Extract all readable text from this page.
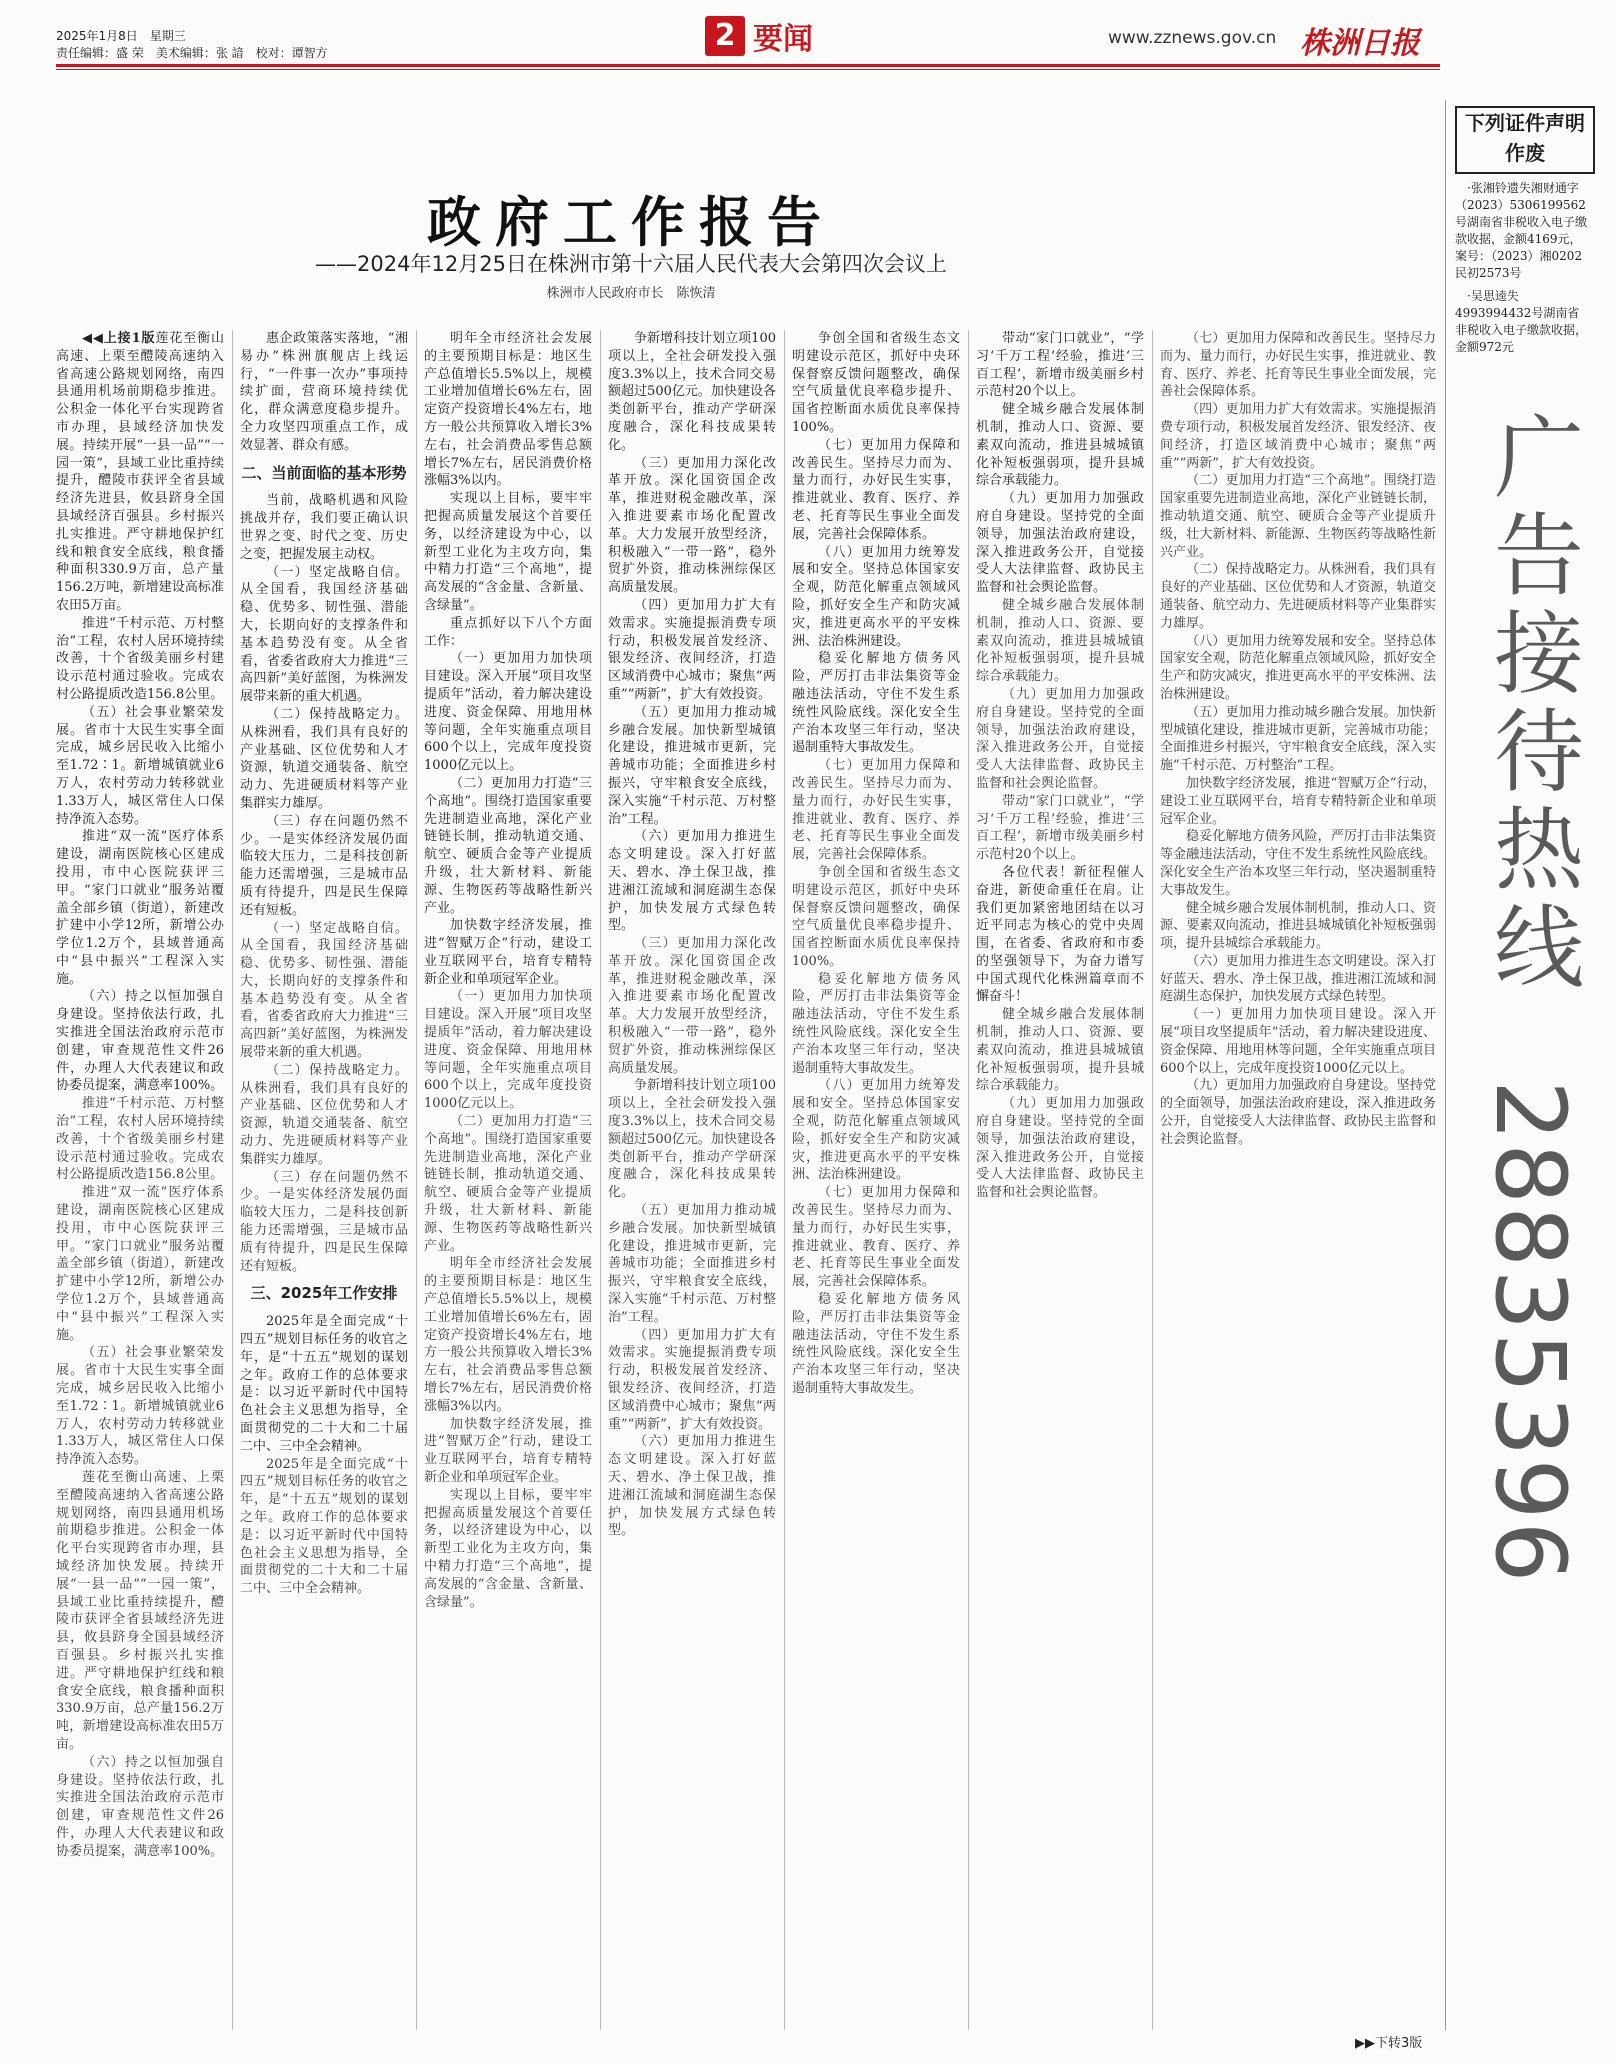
2025年1月8日　星期三
责任编辑：盛 荣　美术编辑：张 諳　校对：谭智方	2 要闻	www.zznews.gov.cn 株洲日报
政府工作报告
——2024年12月25日在株洲市第十六届人民代表大会第四次会议上
株洲市人民政府市长　陈恢清

◀◀上接1版莲花至衡山高速、上栗至醴陵高速纳入省高速公路规划网络，南四县通用机场前期稳步推进。公积金一体化平台实现跨省市办理，县域经济加快发展。持续开展“一县一品”“一园一策”，县域工业比重持续提升，醴陵市获评全省县域经济先进县，攸县跻身全国县域经济百强县。乡村振兴扎实推进。严守耕地保护红线和粮食安全底线，粮食播种面积330.9万亩，总产量156.2万吨，新增建设高标准农田5万亩。

推进“千村示范、万村整治”工程，农村人居环境持续改善，十个省级美丽乡村建设示范村通过验收。完成农村公路提质改造156.8公里。

（五）社会事业繁荣发展。省市十大民生实事全面完成，城乡居民收入比缩小至1.72∶1。新增城镇就业6万人，农村劳动力转移就业1.33万人，城区常住人口保持净流入态势。

推进“双一流”医疗体系建设，湖南医院核心区建成投用，市中心医院获评三甲。“家门口就业”服务站覆盖全部乡镇（街道），新建改扩建中小学12所，新增公办学位1.2万个，县域普通高中“县中振兴”工程深入实施。

（六）持之以恒加强自身建设。坚持依法行政，扎实推进全国法治政府示范市创建，审查规范性文件26件，办理人大代表建议和政协委员提案，满意率100%。

推进“千村示范、万村整治”工程，农村人居环境持续改善，十个省级美丽乡村建设示范村通过验收。完成农村公路提质改造156.8公里。

推进“双一流”医疗体系建设，湖南医院核心区建成投用，市中心医院获评三甲。“家门口就业”服务站覆盖全部乡镇（街道），新建改扩建中小学12所，新增公办学位1.2万个，县域普通高中“县中振兴”工程深入实施。

（五）社会事业繁荣发展。省市十大民生实事全面完成，城乡居民收入比缩小至1.72∶1。新增城镇就业6万人，农村劳动力转移就业1.33万人，城区常住人口保持净流入态势。

莲花至衡山高速、上栗至醴陵高速纳入省高速公路规划网络，南四县通用机场前期稳步推进。公积金一体化平台实现跨省市办理，县域经济加快发展。持续开展“一县一品”“一园一策”，县域工业比重持续提升，醴陵市获评全省县域经济先进县，攸县跻身全国县域经济百强县。乡村振兴扎实推进。严守耕地保护红线和粮食安全底线，粮食播种面积330.9万亩，总产量156.2万吨，新增建设高标准农田5万亩。

（六）持之以恒加强自身建设。坚持依法行政，扎实推进全国法治政府示范市创建，审查规范性文件26件，办理人大代表建议和政协委员提案，满意率100%。

惠企政策落实落地，“湘易办”株洲旗舰店上线运行，“一件事一次办”事项持续扩面，营商环境持续优化，群众满意度稳步提升。全力攻坚四项重点工作，成效显著、群众有感。

二、当前面临的基本形势

当前，战略机遇和风险挑战并存，我们要正确认识世界之变、时代之变、历史之变，把握发展主动权。

（一）坚定战略自信。从全国看，我国经济基础稳、优势多、韧性强、潜能大，长期向好的支撑条件和基本趋势没有变。从全省看，省委省政府大力推进“三高四新”美好蓝图，为株洲发展带来新的重大机遇。

（二）保持战略定力。从株洲看，我们具有良好的产业基础、区位优势和人才资源，轨道交通装备、航空动力、先进硬质材料等产业集群实力雄厚。

（三）存在问题仍然不少。一是实体经济发展仍面临较大压力，二是科技创新能力还需增强，三是城市品质有待提升，四是民生保障还有短板。

（一）坚定战略自信。从全国看，我国经济基础稳、优势多、韧性强、潜能大，长期向好的支撑条件和基本趋势没有变。从全省看，省委省政府大力推进“三高四新”美好蓝图，为株洲发展带来新的重大机遇。

（二）保持战略定力。从株洲看，我们具有良好的产业基础、区位优势和人才资源，轨道交通装备、航空动力、先进硬质材料等产业集群实力雄厚。

（三）存在问题仍然不少。一是实体经济发展仍面临较大压力，二是科技创新能力还需增强，三是城市品质有待提升，四是民生保障还有短板。

三、2025年工作安排

2025年是全面完成“十四五”规划目标任务的收官之年，是“十五五”规划的谋划之年。政府工作的总体要求是：以习近平新时代中国特色社会主义思想为指导，全面贯彻党的二十大和二十届二中、三中全会精神。

2025年是全面完成“十四五”规划目标任务的收官之年，是“十五五”规划的谋划之年。政府工作的总体要求是：以习近平新时代中国特色社会主义思想为指导，全面贯彻党的二十大和二十届二中、三中全会精神。

明年全市经济社会发展的主要预期目标是：地区生产总值增长5.5%以上，规模工业增加值增长6%左右，固定资产投资增长4%左右，地方一般公共预算收入增长3%左右，社会消费品零售总额增长7%左右，居民消费价格涨幅3%以内。

实现以上目标，要牢牢把握高质量发展这个首要任务，以经济建设为中心，以新型工业化为主攻方向，集中精力打造“三个高地”，提高发展的“含金量、含新量、含绿量”。

重点抓好以下八个方面工作：

（一）更加用力加快项目建设。深入开展“项目攻坚提质年”活动，着力解决建设进度、资金保障、用地用林等问题，全年实施重点项目600个以上，完成年度投资1000亿元以上。

（二）更加用力打造“三个高地”。围绕打造国家重要先进制造业高地，深化产业链链长制，推动轨道交通、航空、硬质合金等产业提质升级，壮大新材料、新能源、生物医药等战略性新兴产业。

加快数字经济发展，推进“智赋万企”行动，建设工业互联网平台，培育专精特新企业和单项冠军企业。

（一）更加用力加快项目建设。深入开展“项目攻坚提质年”活动，着力解决建设进度、资金保障、用地用林等问题，全年实施重点项目600个以上，完成年度投资1000亿元以上。

（二）更加用力打造“三个高地”。围绕打造国家重要先进制造业高地，深化产业链链长制，推动轨道交通、航空、硬质合金等产业提质升级，壮大新材料、新能源、生物医药等战略性新兴产业。

明年全市经济社会发展的主要预期目标是：地区生产总值增长5.5%以上，规模工业增加值增长6%左右，固定资产投资增长4%左右，地方一般公共预算收入增长3%左右，社会消费品零售总额增长7%左右，居民消费价格涨幅3%以内。

加快数字经济发展，推进“智赋万企”行动，建设工业互联网平台，培育专精特新企业和单项冠军企业。

实现以上目标，要牢牢把握高质量发展这个首要任务，以经济建设为中心，以新型工业化为主攻方向，集中精力打造“三个高地”，提高发展的“含金量、含新量、含绿量”。

争新增科技计划立项100项以上，全社会研发投入强度3.3%以上，技术合同交易额超过500亿元。加快建设各类创新平台，推动产学研深度融合，深化科技成果转化。

（三）更加用力深化改革开放。深化国资国企改革，推进财税金融改革，深入推进要素市场化配置改革。大力发展开放型经济，积极融入“一带一路”，稳外贸扩外资，推动株洲综保区高质量发展。

（四）更加用力扩大有效需求。实施提振消费专项行动，积极发展首发经济、银发经济、夜间经济，打造区域消费中心城市；聚焦“两重”“两新”，扩大有效投资。

（五）更加用力推动城乡融合发展。加快新型城镇化建设，推进城市更新，完善城市功能；全面推进乡村振兴，守牢粮食安全底线，深入实施“千村示范、万村整治”工程。

（六）更加用力推进生态文明建设。深入打好蓝天、碧水、净土保卫战，推进湘江流域和洞庭湖生态保护，加快发展方式绿色转型。

（三）更加用力深化改革开放。深化国资国企改革，推进财税金融改革，深入推进要素市场化配置改革。大力发展开放型经济，积极融入“一带一路”，稳外贸扩外资，推动株洲综保区高质量发展。

争新增科技计划立项100项以上，全社会研发投入强度3.3%以上，技术合同交易额超过500亿元。加快建设各类创新平台，推动产学研深度融合，深化科技成果转化。

（五）更加用力推动城乡融合发展。加快新型城镇化建设，推进城市更新，完善城市功能；全面推进乡村振兴，守牢粮食安全底线，深入实施“千村示范、万村整治”工程。

（四）更加用力扩大有效需求。实施提振消费专项行动，积极发展首发经济、银发经济、夜间经济，打造区域消费中心城市；聚焦“两重”“两新”，扩大有效投资。

（六）更加用力推进生态文明建设。深入打好蓝天、碧水、净土保卫战，推进湘江流域和洞庭湖生态保护，加快发展方式绿色转型。

争创全国和省级生态文明建设示范区，抓好中央环保督察反馈问题整改，确保空气质量优良率稳步提升、国省控断面水质优良率保持100%。

（七）更加用力保障和改善民生。坚持尽力而为、量力而行，办好民生实事，推进就业、教育、医疗、养老、托育等民生事业全面发展，完善社会保障体系。

（八）更加用力统筹发展和安全。坚持总体国家安全观，防范化解重点领域风险，抓好安全生产和防灾减灾，推进更高水平的平安株洲、法治株洲建设。

稳妥化解地方债务风险，严厉打击非法集资等金融违法活动，守住不发生系统性风险底线。深化安全生产治本攻坚三年行动，坚决遏制重特大事故发生。

（七）更加用力保障和改善民生。坚持尽力而为、量力而行，办好民生实事，推进就业、教育、医疗、养老、托育等民生事业全面发展，完善社会保障体系。

争创全国和省级生态文明建设示范区，抓好中央环保督察反馈问题整改，确保空气质量优良率稳步提升、国省控断面水质优良率保持100%。

稳妥化解地方债务风险，严厉打击非法集资等金融违法活动，守住不发生系统性风险底线。深化安全生产治本攻坚三年行动，坚决遏制重特大事故发生。

（八）更加用力统筹发展和安全。坚持总体国家安全观，防范化解重点领域风险，抓好安全生产和防灾减灾，推进更高水平的平安株洲、法治株洲建设。

（七）更加用力保障和改善民生。坚持尽力而为、量力而行，办好民生实事，推进就业、教育、医疗、养老、托育等民生事业全面发展，完善社会保障体系。

稳妥化解地方债务风险，严厉打击非法集资等金融违法活动，守住不发生系统性风险底线。深化安全生产治本攻坚三年行动，坚决遏制重特大事故发生。

带动“家门口就业”，“学习‘千万工程’经验，推进‘三百工程’，新增市级美丽乡村示范村20个以上。

健全城乡融合发展体制机制，推动人口、资源、要素双向流动，推进县城城镇化补短板强弱项，提升县城综合承载能力。

（九）更加用力加强政府自身建设。坚持党的全面领导，加强法治政府建设，深入推进政务公开，自觉接受人大法律监督、政协民主监督和社会舆论监督。

健全城乡融合发展体制机制，推动人口、资源、要素双向流动，推进县城城镇化补短板强弱项，提升县城综合承载能力。

（九）更加用力加强政府自身建设。坚持党的全面领导，加强法治政府建设，深入推进政务公开，自觉接受人大法律监督、政协民主监督和社会舆论监督。

带动“家门口就业”，“学习‘千万工程’经验，推进‘三百工程’，新增市级美丽乡村示范村20个以上。

各位代表！新征程催人奋进，新使命重任在肩。让我们更加紧密地团结在以习近平同志为核心的党中央周围，在省委、省政府和市委的坚强领导下，为奋力谱写中国式现代化株洲篇章而不懈奋斗！

健全城乡融合发展体制机制，推动人口、资源、要素双向流动，推进县城城镇化补短板强弱项，提升县城综合承载能力。

（九）更加用力加强政府自身建设。坚持党的全面领导，加强法治政府建设，深入推进政务公开，自觉接受人大法律监督、政协民主监督和社会舆论监督。

（七）更加用力保障和改善民生。坚持尽力而为、量力而行，办好民生实事，推进就业、教育、医疗、养老、托育等民生事业全面发展，完善社会保障体系。

（四）更加用力扩大有效需求。实施提振消费专项行动，积极发展首发经济、银发经济、夜间经济，打造区域消费中心城市；聚焦“两重”“两新”，扩大有效投资。

（二）更加用力打造“三个高地”。围绕打造国家重要先进制造业高地，深化产业链链长制，推动轨道交通、航空、硬质合金等产业提质升级，壮大新材料、新能源、生物医药等战略性新兴产业。

（二）保持战略定力。从株洲看，我们具有良好的产业基础、区位优势和人才资源，轨道交通装备、航空动力、先进硬质材料等产业集群实力雄厚。

（八）更加用力统筹发展和安全。坚持总体国家安全观，防范化解重点领域风险，抓好安全生产和防灾减灾，推进更高水平的平安株洲、法治株洲建设。

（五）更加用力推动城乡融合发展。加快新型城镇化建设，推进城市更新，完善城市功能；全面推进乡村振兴，守牢粮食安全底线，深入实施“千村示范、万村整治”工程。

加快数字经济发展，推进“智赋万企”行动，建设工业互联网平台，培育专精特新企业和单项冠军企业。

稳妥化解地方债务风险，严厉打击非法集资等金融违法活动，守住不发生系统性风险底线。深化安全生产治本攻坚三年行动，坚决遏制重特大事故发生。

健全城乡融合发展体制机制，推动人口、资源、要素双向流动，推进县城城镇化补短板强弱项，提升县城综合承载能力。

（六）更加用力推进生态文明建设。深入打好蓝天、碧水、净土保卫战，推进湘江流域和洞庭湖生态保护，加快发展方式绿色转型。

（一）更加用力加快项目建设。深入开展“项目攻坚提质年”活动，着力解决建设进度、资金保障、用地用林等问题，全年实施重点项目600个以上，完成年度投资1000亿元以上。

（九）更加用力加强政府自身建设。坚持党的全面领导，加强法治政府建设，深入推进政务公开，自觉接受人大法律监督、政协民主监督和社会舆论监督。

▶▶下转3版
下列证件声明作废

·张湘铃遗失湘财通字（2023）5306199562号湖南省非税收入电子缴款收据，金额4169元，案号：（2023）湘0202民初2573号

·吴思逵失4993994432号湖南省非税收入电子缴款收据，金额972元

广告接待热线
28835396
